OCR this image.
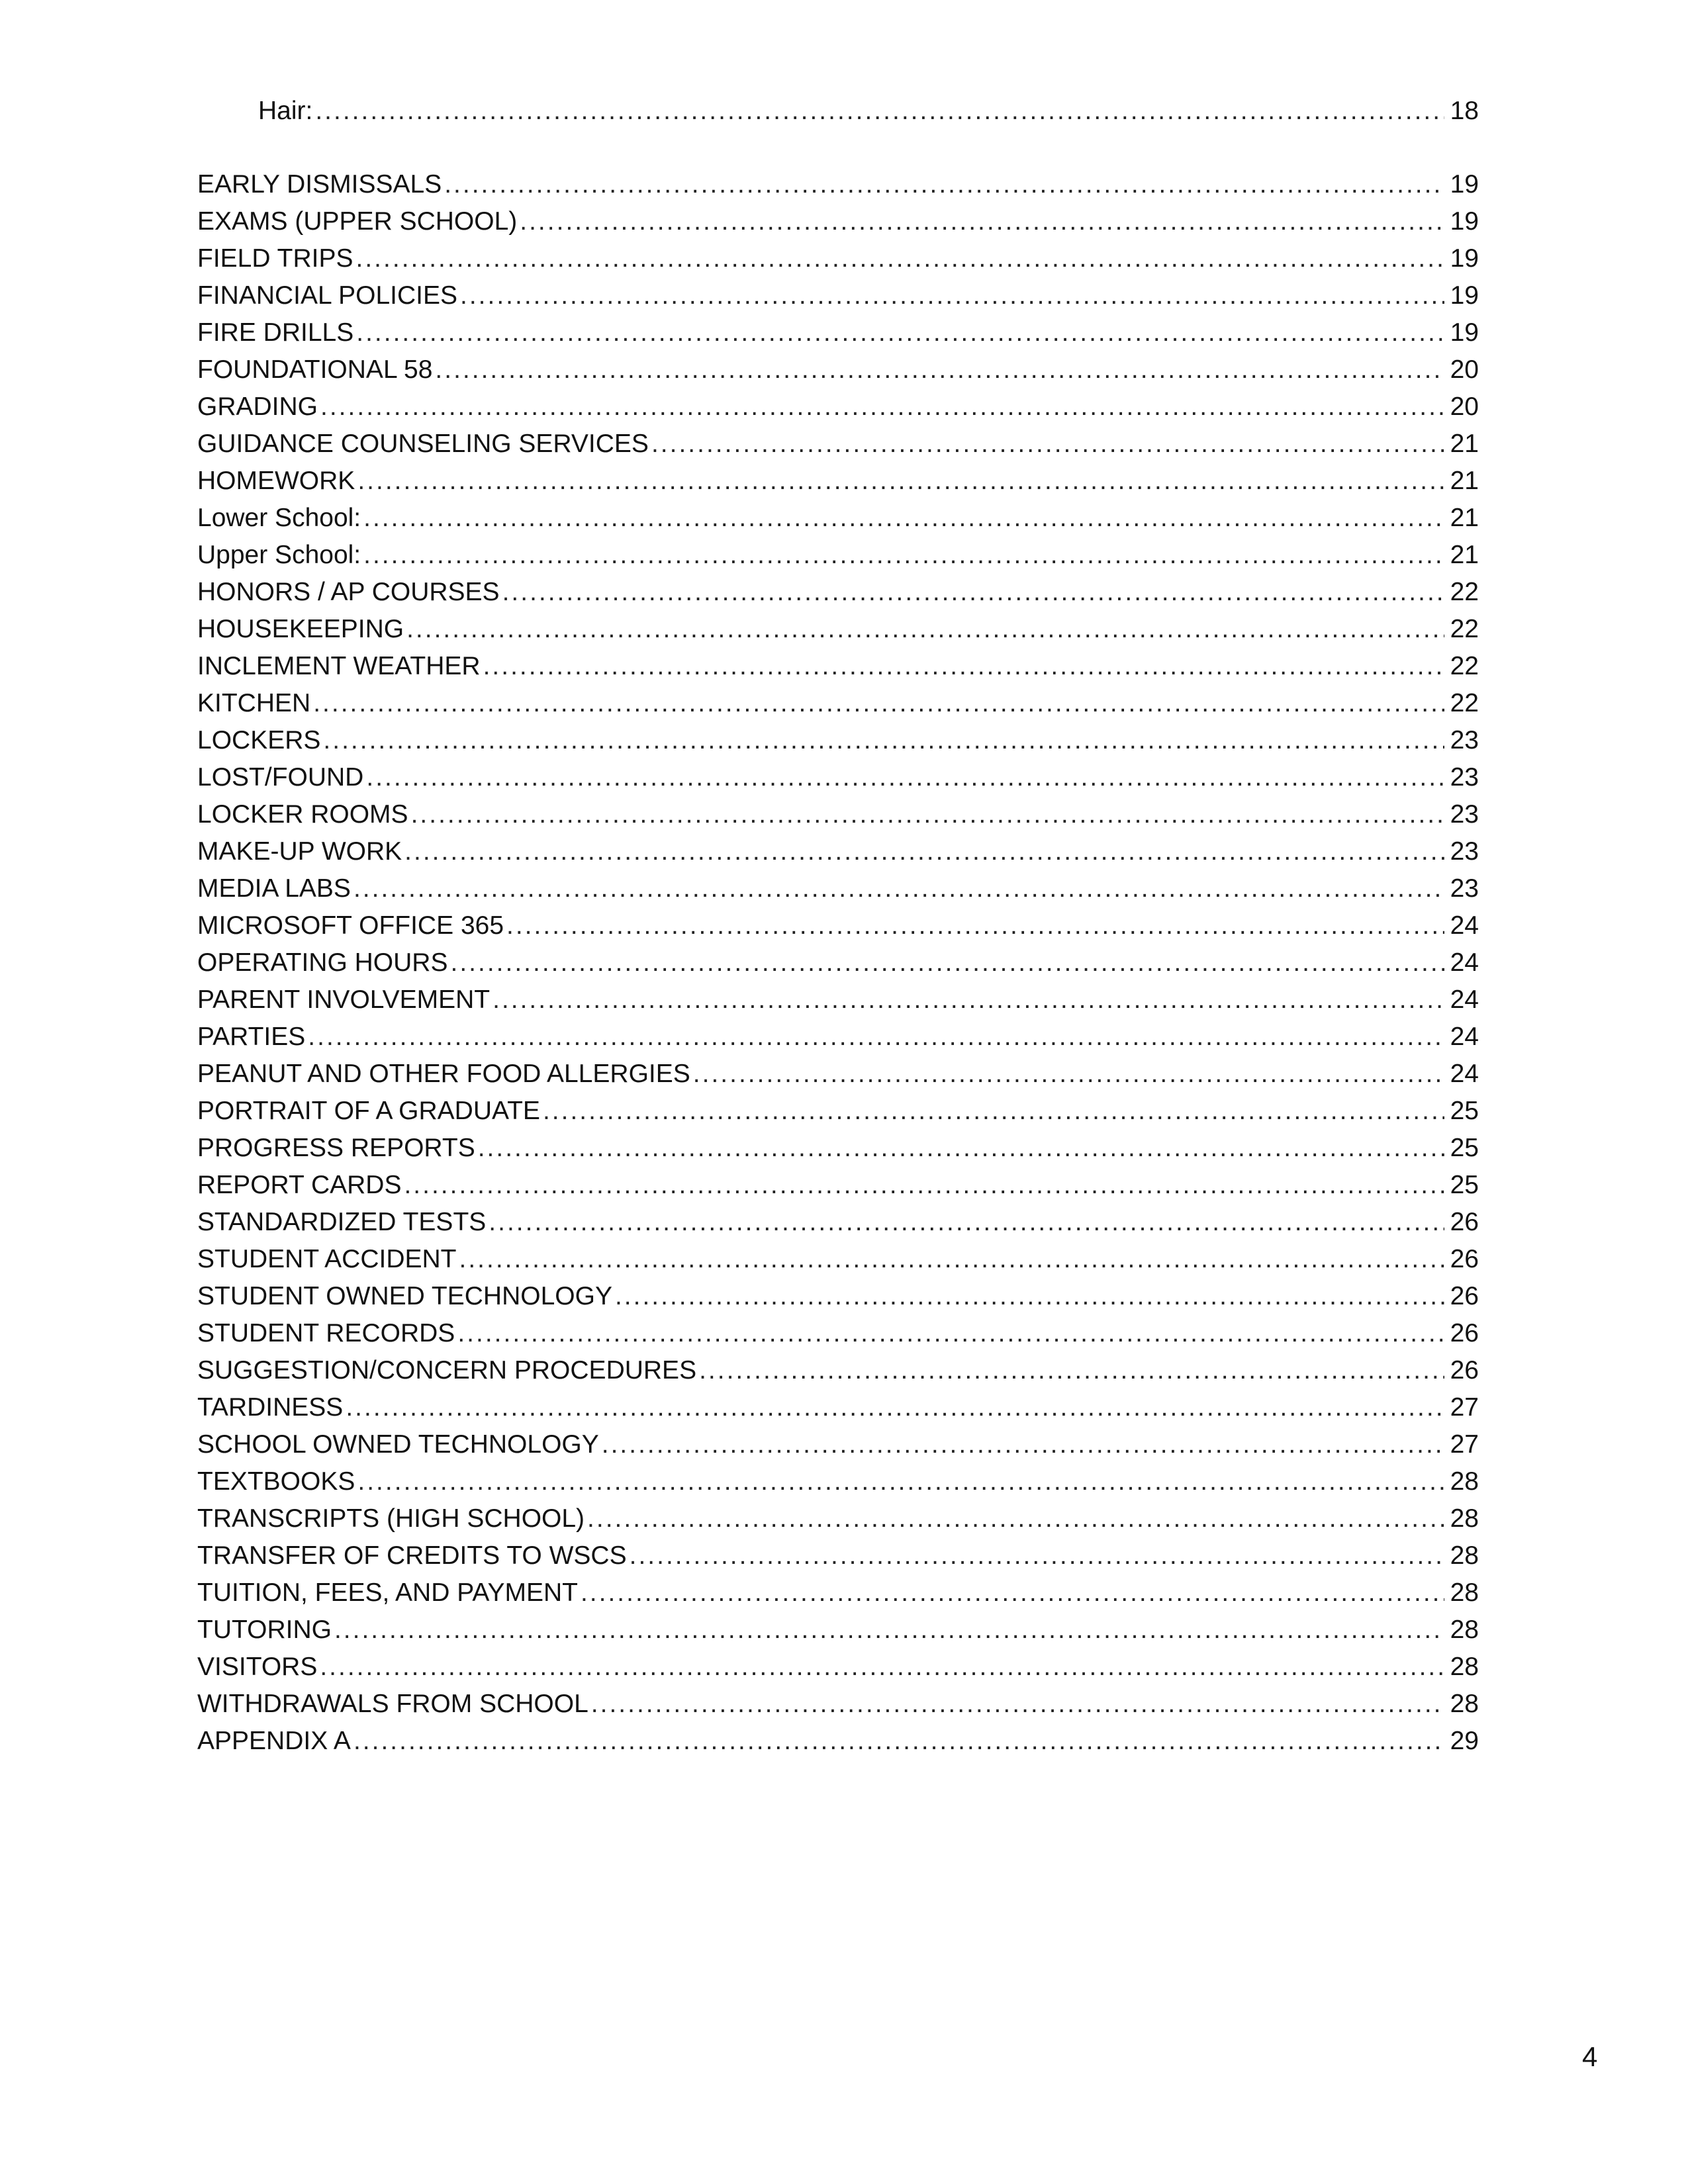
Hair: .....	18
EARLY DISMISSALS .....	19
EXAMS (UPPER SCHOOL) .....	19
FIELD TRIPS .....	19
FINANCIAL POLICIES .....	19
FIRE DRILLS .....	19
FOUNDATIONAL 58 .....	20
GRADING .....	20
GUIDANCE COUNSELING SERVICES .....	21
HOMEWORK .....	21
Lower School: .....	21
Upper School: .....	21
HONORS / AP COURSES .....	22
HOUSEKEEPING .....	22
INCLEMENT WEATHER .....	22
KITCHEN .....	22
LOCKERS .....	23
LOST/FOUND .....	23
LOCKER ROOMS .....	23
MAKE-UP WORK .....	23
MEDIA LABS .....	23
MICROSOFT OFFICE 365 .....	24
OPERATING HOURS .....	24
PARENT INVOLVEMENT .....	24
PARTIES .....	24
PEANUT AND OTHER FOOD ALLERGIES .....	24
PORTRAIT OF A GRADUATE .....	25
PROGRESS REPORTS .....	25
REPORT CARDS .....	25
STANDARDIZED TESTS .....	26
STUDENT ACCIDENT .....	26
STUDENT OWNED TECHNOLOGY .....	26
STUDENT RECORDS .....	26
SUGGESTION/CONCERN PROCEDURES .....	26
TARDINESS .....	27
SCHOOL OWNED TECHNOLOGY .....	27
TEXTBOOKS .....	28
TRANSCRIPTS (HIGH SCHOOL) .....	28
TRANSFER OF CREDITS TO WSCS .....	28
TUITION, FEES, AND PAYMENT .....	28
TUTORING .....	28
VISITORS .....	28
WITHDRAWALS FROM SCHOOL .....	28
APPENDIX A .....	29
4
